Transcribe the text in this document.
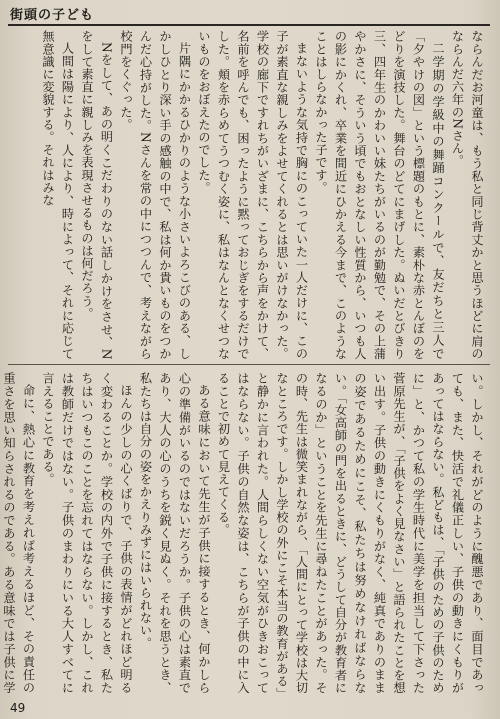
街頭の子ども

ならんだお河童は、もう私と同じ背丈かと思うほどに肩のならんだ六年のNさん。

二学期の学級中の舞踊コンクールで、友だちと三人で「夕やけの図」という標題のもとに、素朴な赤とんぼのをどりを演技した。舞台のどてにまげした。ぬいだとびきり三、四年生のかわいい妹たちがいるのが勤勉で、その上蒲やかさに、そういう頃でもおとなしい性質から、いつも人の影にかくれ、卒業を間近にひかえる今まで、このようなことはしらなかった子です。

まないような気持で胸にのこっていた一人だけに、この子が素直な親しみをよせてくれるとは思いがけなかった。学校の廊下ですれちがいざまに、こちらから声をかけて、名前を呼んでも、困ったように黙っておじぎをするだけでした。頬を赤らめてうつむく姿に、私はなんとなくせつないものをおぼえたのでした。

片隅にかかるひかりのような小さいよろこびのある、しかしひとり深い手の感触の中で、私は何か貴いものをつかんだ心持がした。Nさんを常の中につつんで、考えながら校門をくぐった。

Nをして、あの明くこだわりのない話しかけをさせ、Nをして素直に親しみを表現させるものは何だろう。

人間は陽により、人により、時によって、それに応じて無意識に変貌する。それはみな

い。しかし、それがどのように醜悪であり、面目であっても、また、快活で礼儀正しい、子供の動きにくもりがあってはならない。私どもは、「子供のための子供のために」と、かつて私の学生時代に美学を担当して下さった菅原先生が、「子供をよく見なさい」と語られたことを想い出す。子供の動きにくもりがなく、純真でありのままの姿であるためにこそ、私たちは努めなければならない。「女高師の門を出るときに、どうして自分が教育者になるのか」ということを先生に尋ねたことがあった。その時、先生は微笑まれながら、「人間にとって学校は大切なところです。しかし学校の外にこそ本当の教育がある」と静かに言われた。人間らしくない空気がひきおこってはならない。子供の自然な姿は、こちらが子供の中に入ることで初めて見えてくる。

ある意味において先生が子供に接するとき、何かしら心の準備がいるのではないだろうか。子供の心は素直であり、大人の心のうちを鋭く見ぬく。それを思うとき、私たちは自分の姿をかえりみずにはいられない。

ほんの少しの心くばりで、子供の表情がどれほど明るく変わることか。学校の内外で子供に接するとき、私たちはいつもこのことを忘れてはならない。しかし、これは教師だけではない。子供のまわりにいる大人すべてに言えることである。

命に、熱心に教育を考えれば考えるほど、その責任の重さを思い知らされるのである。ある意味では子供に学

49
